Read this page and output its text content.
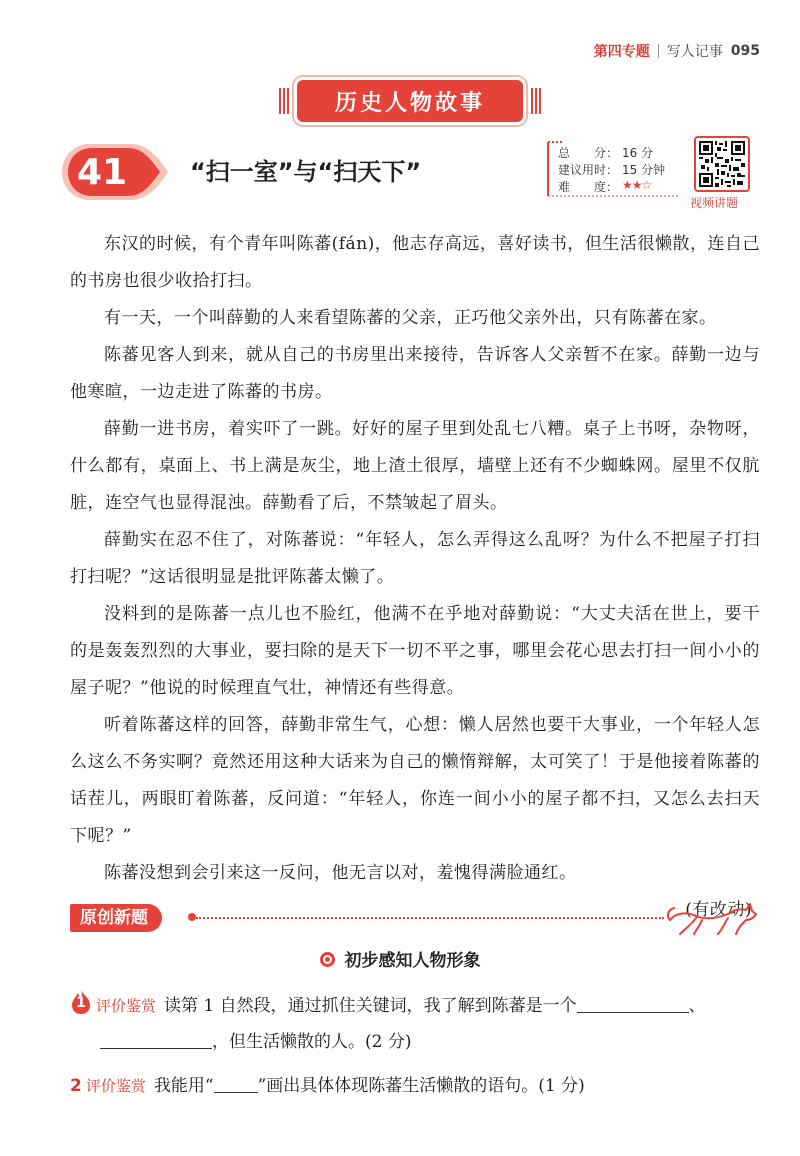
第四专题 写人记事 095
历史人物故事
41	“扫一室”与“扫天下”
总　　分： 16 分
建议用时： 15 分钟
难　　度： ★★☆
视频讲题

东汉的时候，有个青年叫陈蕃(fán)，他志存高远，喜好读书，但生活很懒散，连自己的书房也很少收拾打扫。

有一天，一个叫薛勤的人来看望陈蕃的父亲，正巧他父亲外出，只有陈蕃在家。

陈蕃见客人到来，就从自己的书房里出来接待，告诉客人父亲暂不在家。薛勤一边与他寒暄，一边走进了陈蕃的书房。

薛勤一进书房，着实吓了一跳。好好的屋子里到处乱七八糟。桌子上书呀，杂物呀，什么都有，桌面上、书上满是灰尘，地上渣土很厚，墙壁上还有不少蜘蛛网。屋里不仅肮脏，连空气也显得混浊。薛勤看了后，不禁皱起了眉头。

薛勤实在忍不住了，对陈蕃说：“年轻人，怎么弄得这么乱呀？为什么不把屋子打扫打扫呢？”这话很明显是批评陈蕃太懒了。

没料到的是陈蕃一点儿也不脸红，他满不在乎地对薛勤说：“大丈夫活在世上，要干的是轰轰烈烈的大事业，要扫除的是天下一切不平之事，哪里会花心思去打扫一间小小的屋子呢？”他说的时候理直气壮，神情还有些得意。

听着陈蕃这样的回答，薛勤非常生气，心想：懒人居然也要干大事业，一个年轻人怎么这么不务实啊？竟然还用这种大话来为自己的懒惰辩解，太可笑了！于是他接着陈蕃的话茬儿，两眼盯着陈蕃，反问道：“年轻人，你连一间小小的屋子都不扫，又怎么去扫天下呢？”

陈蕃没想到会引来这一反问，他无言以对，羞愧得满脸通红。

(有改动)

原创新题
初步感知人物形象
1 评价鉴赏 读第 1 自然段，通过抓住关键词，我了解到陈蕃是一个	、
，但生活懒散的人。(2 分)
2 评价鉴赏 我能用“	”画出具体体现陈蕃生活懒散的语句。(1 分)
